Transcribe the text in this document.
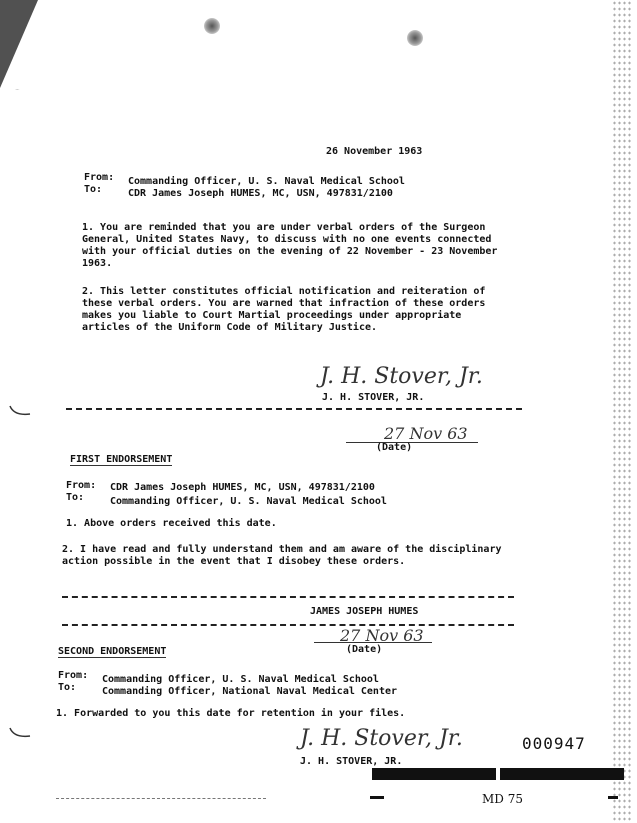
26 November 1963
From: Commanding Officer, U. S. Naval Medical School
To:	CDR James Joseph HUMES, MC, USN, 497831/2100
1. You are reminded that you are under verbal orders of the Surgeon General, United States Navy, to discuss with no one events connected with your official duties on the evening of 22 November - 23 November 1963.
2. This letter constitutes official notification and reiteration of these verbal orders. You are warned that infraction of these orders makes you liable to Court Martial proceedings under appropriate articles of the Uniform Code of Military Justice.
J. H. Stover, Jr.
J. H. STOVER, JR.
27 Nov 63
(Date)
FIRST ENDORSEMENT
From: CDR James Joseph HUMES, MC, USN, 497831/2100
To:	Commanding Officer, U. S. Naval Medical School
1. Above orders received this date.
2. I have read and fully understand them and am aware of the disciplinary action possible in the event that I disobey these orders.
JAMES JOSEPH HUMES
27 Nov 63
(Date)
SECOND ENDORSEMENT
From: Commanding Officer, U. S. Naval Medical School
To:	Commanding Officer, National Naval Medical Center
1. Forwarded to you this date for retention in your files.
J. H. Stover, Jr.
J. H. STOVER, JR.
000947
MD 75
